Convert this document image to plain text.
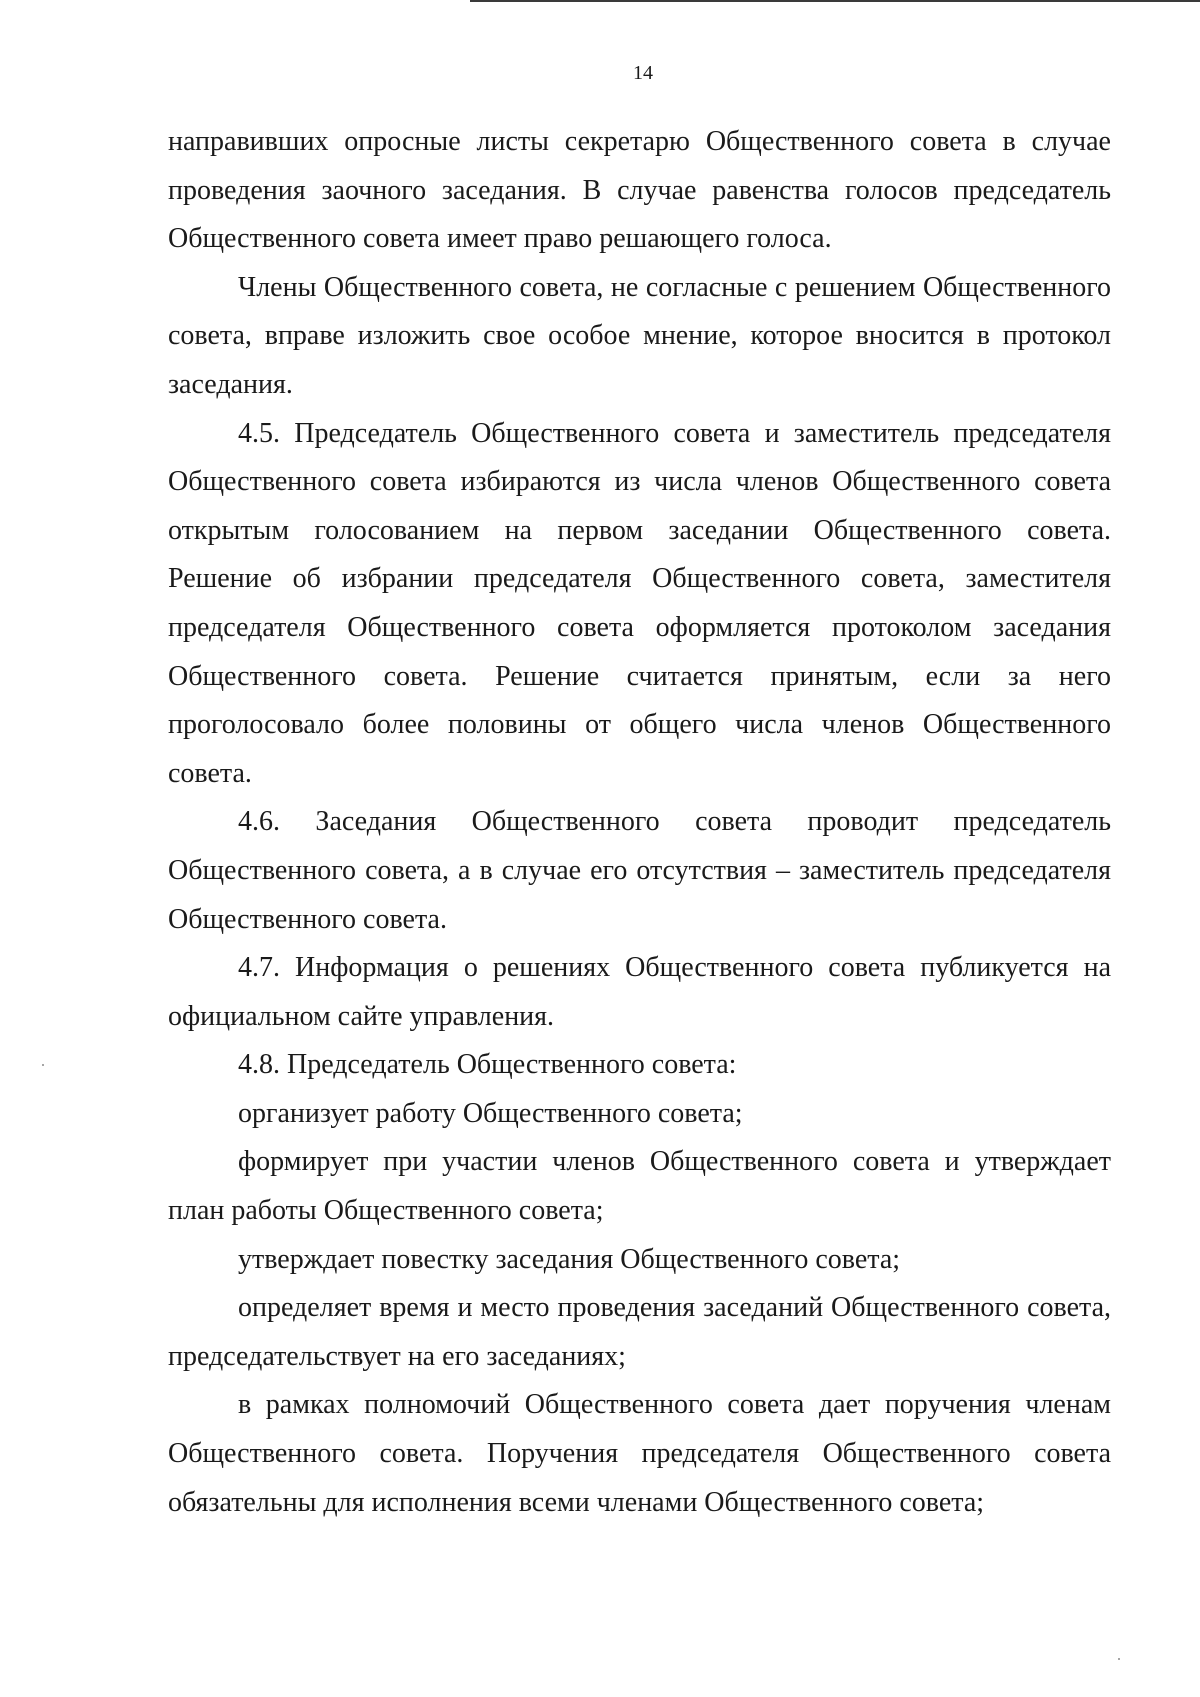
14

направивших опросные листы секретарю Общественного совета в случае проведения заочного заседания. В случае равенства голосов председатель Общественного совета имеет право решающего голоса.

Члены Общественного совета, не согласные с решением Общественного совета, вправе изложить свое особое мнение, которое вносится в протокол заседания.

4.5. Председатель Общественного совета и заместитель председателя Общественного совета избираются из числа членов Общественного совета открытым голосованием на первом заседании Общественного совета. Решение об избрании председателя Общественного совета, заместителя председателя Общественного совета оформляется протоколом заседания Общественного совета. Решение считается принятым, если за него проголосовало более половины от общего числа членов Общественного совета.

4.6. Заседания Общественного совета проводит председатель Общественного совета, а в случае его отсутствия – заместитель председателя Общественного совета.

4.7. Информация о решениях Общественного совета публикуется на официальном сайте управления.

4.8. Председатель Общественного совета:

организует работу Общественного совета;

формирует при участии членов Общественного совета и утверждает план работы Общественного совета;

утверждает повестку заседания Общественного совета;

определяет время и место проведения заседаний Общественного совета, председательствует на его заседаниях;

в рамках полномочий Общественного совета дает поручения членам Общественного совета. Поручения председателя Общественного совета обязательны для исполнения всеми членами Общественного совета;
